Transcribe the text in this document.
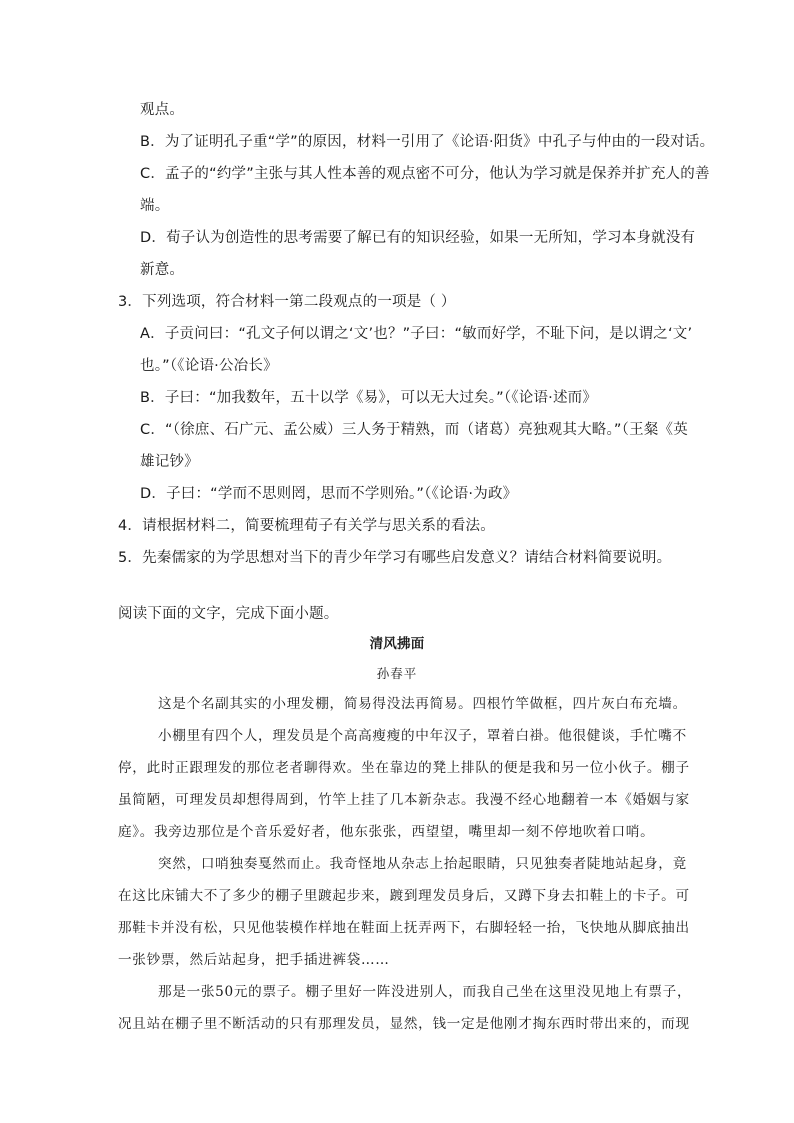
观点。
B．为了证明孔子重“学”的原因，材料一引用了《论语·阳货》中孔子与仲由的一段对话。
C．孟子的“约学”主张与其人性本善的观点密不可分，他认为学习就是保养并扩充人的善
端。
D．荀子认为创造性的思考需要了解已有的知识经验，如果一无所知，学习本身就没有
新意。
3．下列选项，符合材料一第二段观点的一项是（ ）
A．子贡问曰：“孔文子何以谓之‘文’也？”子曰：“敏而好学，不耻下问，是以谓之‘文’
也。”（《论语·公冶长》
B．子曰：“加我数年，五十以学《易》，可以无大过矣。”（《论语·述而》
C．“（徐庶、石广元、孟公威）三人务于精熟，而（诸葛）亮独观其大略。”（王粲《英
雄记钞》
D．子曰：“学而不思则罔，思而不学则殆。”（《论语·为政》
4．请根据材料二，简要梳理荀子有关学与思关系的看法。
5．先秦儒家的为学思想对当下的青少年学习有哪些启发意义？请结合材料简要说明。
阅读下面的文字，完成下面小题。
清风拂面
孙春平
这是个名副其实的小理发棚，简易得没法再简易。四根竹竿做框，四片灰白布充墙。
小棚里有四个人，理发员是个高高瘦瘦的中年汉子，罩着白褂。他很健谈，手忙嘴不
停，此时正跟理发的那位老者聊得欢。坐在靠边的凳上排队的便是我和另一位小伙子。棚子
虽简陋，可理发员却想得周到，竹竿上挂了几本新杂志。我漫不经心地翻着一本《婚姻与家
庭》。我旁边那位是个音乐爱好者，他东张张，西望望，嘴里却一刻不停地吹着口哨。
突然，口哨独奏戛然而止。我奇怪地从杂志上抬起眼睛，只见独奏者陡地站起身，竟
在这比床铺大不了多少的棚子里踱起步来，踱到理发员身后，又蹲下身去扣鞋上的卡子。可
那鞋卡并没有松，只见他装模作样地在鞋面上抚弄两下，右脚轻轻一抬，飞快地从脚底抽出
一张钞票，然后站起身，把手插进裤袋……
那是一张50元的票子。棚子里好一阵没进别人，而我自己坐在这里没见地上有票子，
况且站在棚子里不断活动的只有那理发员，显然，钱一定是他刚才掏东西时带出来的，而现
